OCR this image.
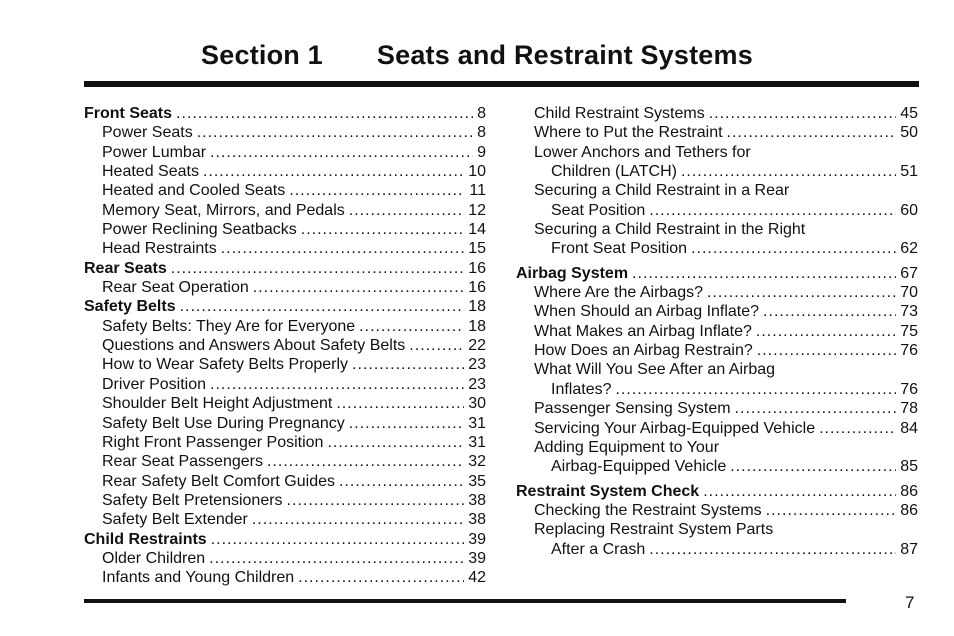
Section 1 Seats and Restraint Systems
Front Seats .....	8
Power Seats .....	8
Power Lumbar .....	9
Heated Seats .....	10
Heated and Cooled Seats .....	11
Memory Seat, Mirrors, and Pedals .....	12
Power Reclining Seatbacks .....	14
Head Restraints .....	15
Rear Seats .....	16
Rear Seat Operation .....	16
Safety Belts .....	18
Safety Belts: They Are for Everyone .....	18
Questions and Answers About Safety Belts .....	22
How to Wear Safety Belts Properly .....	23
Driver Position .....	23
Shoulder Belt Height Adjustment .....	30
Safety Belt Use During Pregnancy .....	31
Right Front Passenger Position .....	31
Rear Seat Passengers .....	32
Rear Safety Belt Comfort Guides .....	35
Safety Belt Pretensioners .....	38
Safety Belt Extender .....	38
Child Restraints .....	39
Older Children .....	39
Infants and Young Children .....	42
Child Restraint Systems .....	45
Where to Put the Restraint .....	50
Lower Anchors and Tethers for
Children (LATCH) .....	51
Securing a Child Restraint in a Rear
Seat Position .....	60
Securing a Child Restraint in the Right
Front Seat Position .....	62
Airbag System .....	67
Where Are the Airbags? .....	70
When Should an Airbag Inflate? .....	73
What Makes an Airbag Inflate? .....	75
How Does an Airbag Restrain? .....	76
What Will You See After an Airbag
Inflates? .....	76
Passenger Sensing System .....	78
Servicing Your Airbag-Equipped Vehicle .....	84
Adding Equipment to Your
Airbag-Equipped Vehicle .....	85
Restraint System Check .....	86
Checking the Restraint Systems .....	86
Replacing Restraint System Parts
After a Crash .....	87
7
